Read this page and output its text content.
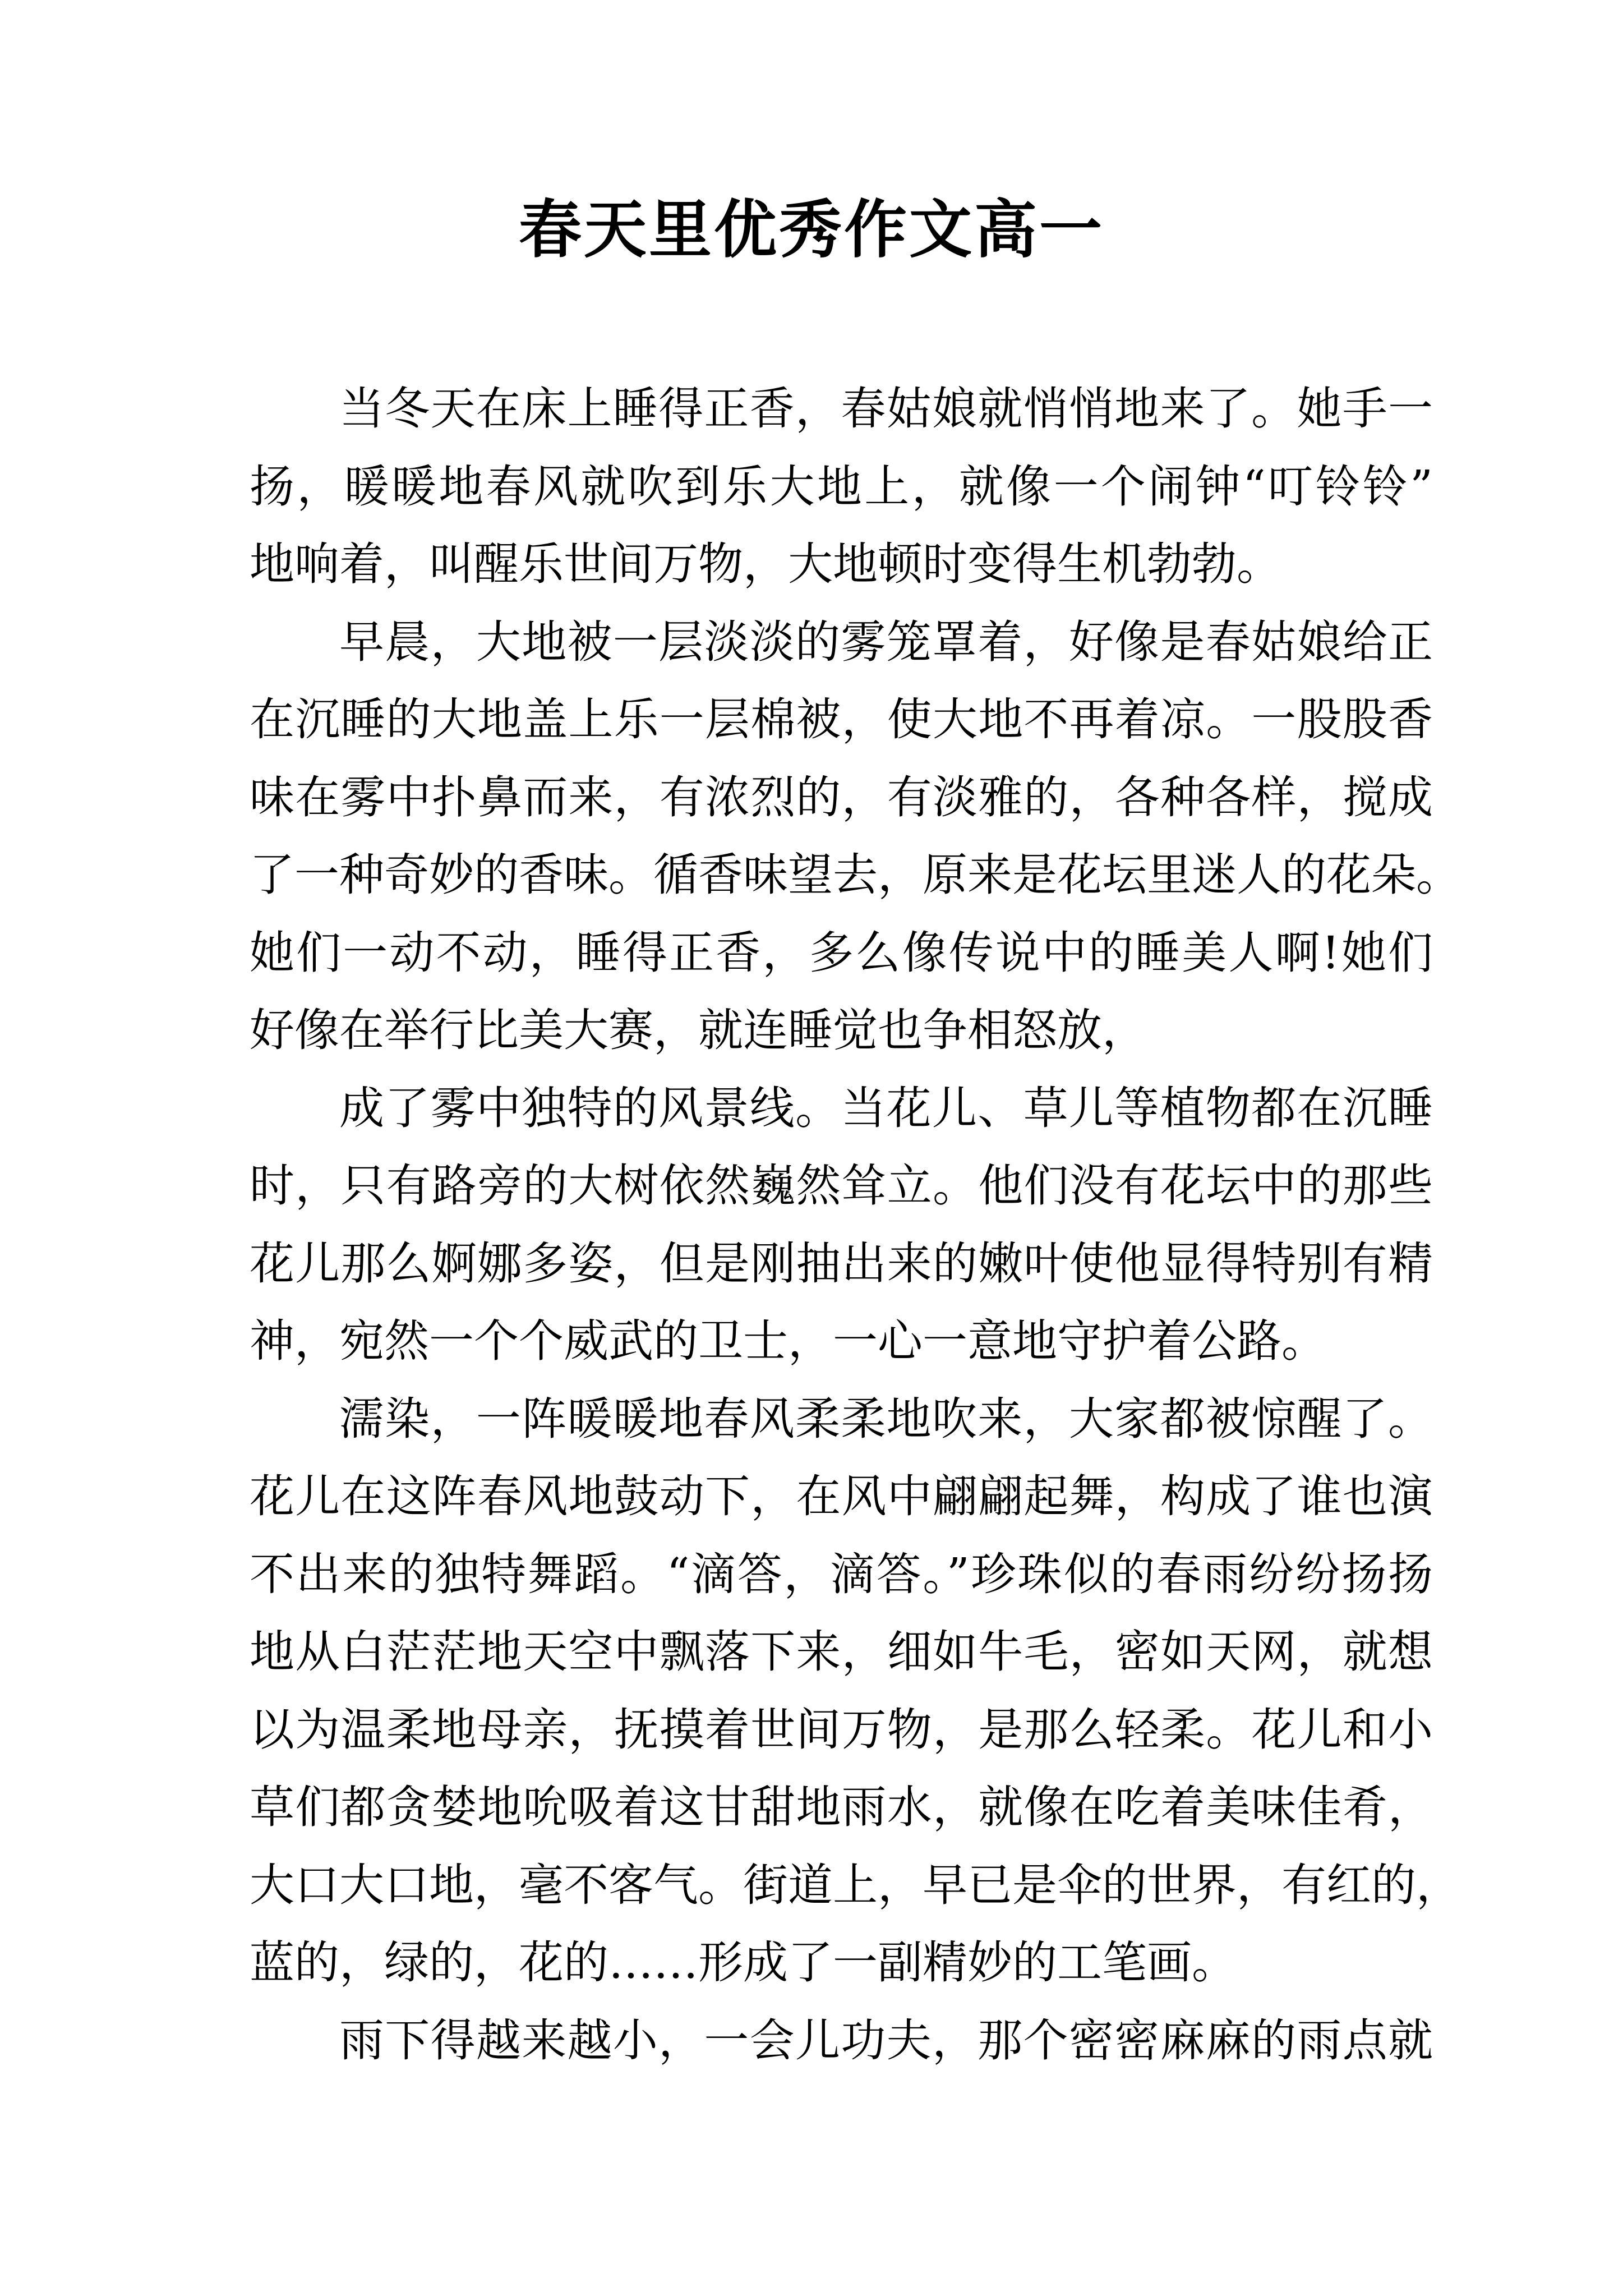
春天里优秀作文高一
当冬天在床上睡得正香，春姑娘就悄悄地来了。她手一
扬，暖暖地春风就吹到乐大地上，就像一个闹钟“叮铃铃”
地响着，叫醒乐世间万物，大地顿时变得生机勃勃。
早晨，大地被一层淡淡的雾笼罩着，好像是春姑娘给正
在沉睡的大地盖上乐一层棉被，使大地不再着凉。一股股香
味在雾中扑鼻而来，有浓烈的，有淡雅的，各种各样，搅成
了一种奇妙的香味。循香味望去，原来是花坛里迷人的花朵。
她们一动不动，睡得正香，多么像传说中的睡美人啊!她们
好像在举行比美大赛，就连睡觉也争相怒放，
成了雾中独特的风景线。当花儿、草儿等植物都在沉睡
时，只有路旁的大树依然巍然耸立。他们没有花坛中的那些
花儿那么婀娜多姿，但是刚抽出来的嫩叶使他显得特别有精
神，宛然一个个威武的卫士，一心一意地守护着公路。
濡染，一阵暖暖地春风柔柔地吹来，大家都被惊醒了。
花儿在这阵春风地鼓动下，在风中翩翩起舞，构成了谁也演
不出来的独特舞蹈。“滴答，滴答。”珍珠似的春雨纷纷扬扬
地从白茫茫地天空中飘落下来，细如牛毛，密如天网，就想
以为温柔地母亲，抚摸着世间万物，是那么轻柔。花儿和小
草们都贪婪地吮吸着这甘甜地雨水，就像在吃着美味佳肴，
大口大口地，毫不客气。街道上，早已是伞的世界，有红的，
蓝的，绿的，花的……形成了一副精妙的工笔画。
雨下得越来越小，一会儿功夫，那个密密麻麻的雨点就
